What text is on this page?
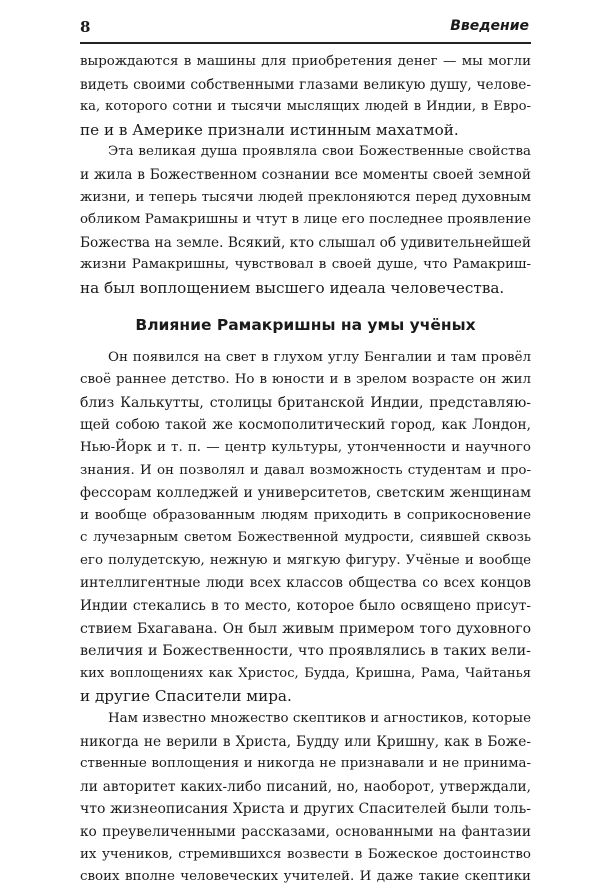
8	Введение
вырождаются в машины для приобретения денег — мы могли
видеть своими собственными глазами великую душу, челове-
ка, которого сотни и тысячи мыслящих людей в Индии, в Евро-
пе и в Америке признали истинным махатмой.
Эта великая душа проявляла свои Божественные свойства
и жила в Божественном сознании все моменты своей земной
жизни, и теперь тысячи людей преклоняются перед духовным
обликом Рамакришны и чтут в лице его последнее проявление
Божества на земле. Всякий, кто слышал об удивительнейшей
жизни Рамакришны, чувствовал в своей душе, что Рамакриш-
на был воплощением высшего идеала человечества.
Влияние Рамакришны на умы учёных
Он появился на свет в глухом углу Бенгалии и там провёл
своё раннее детство. Но в юности и в зрелом возрасте он жил
близ Калькутты, столицы британской Индии, представляю-
щей собою такой же космополитический город, как Лондон,
Нью-Йорк и т. п. — центр культуры, утонченности и научного
знания. И он позволял и давал возможность студентам и про-
фессорам колледжей и университетов, светским женщинам
и вообще образованным людям приходить в соприкосновение
с лучезарным светом Божественной мудрости, сиявшей сквозь
его полудетскую, нежную и мягкую фигуру. Учёные и вообще
интеллигентные люди всех классов общества со всех концов
Индии стекались в то место, которое было освящено присут-
ствием Бхагавана. Он был живым примером того духовного
величия и Божественности, что проявлялись в таких вели-
ких воплощениях как Христос, Будда, Кришна, Рама, Чайтанья
и другие Спасители мира.
Нам известно множество скептиков и агностиков, которые
никогда не верили в Христа, Будду или Кришну, как в Боже-
ственные воплощения и никогда не признавали и не принима-
ли авторитет каких-либо писаний, но, наоборот, утверждали,
что жизнеописания Христа и других Спасителей были толь-
ко преувеличенными рассказами, основанными на фантазии
их учеников, стремившихся возвести в Божеское достоинство
своих вполне человеческих учителей. И даже такие скептики
